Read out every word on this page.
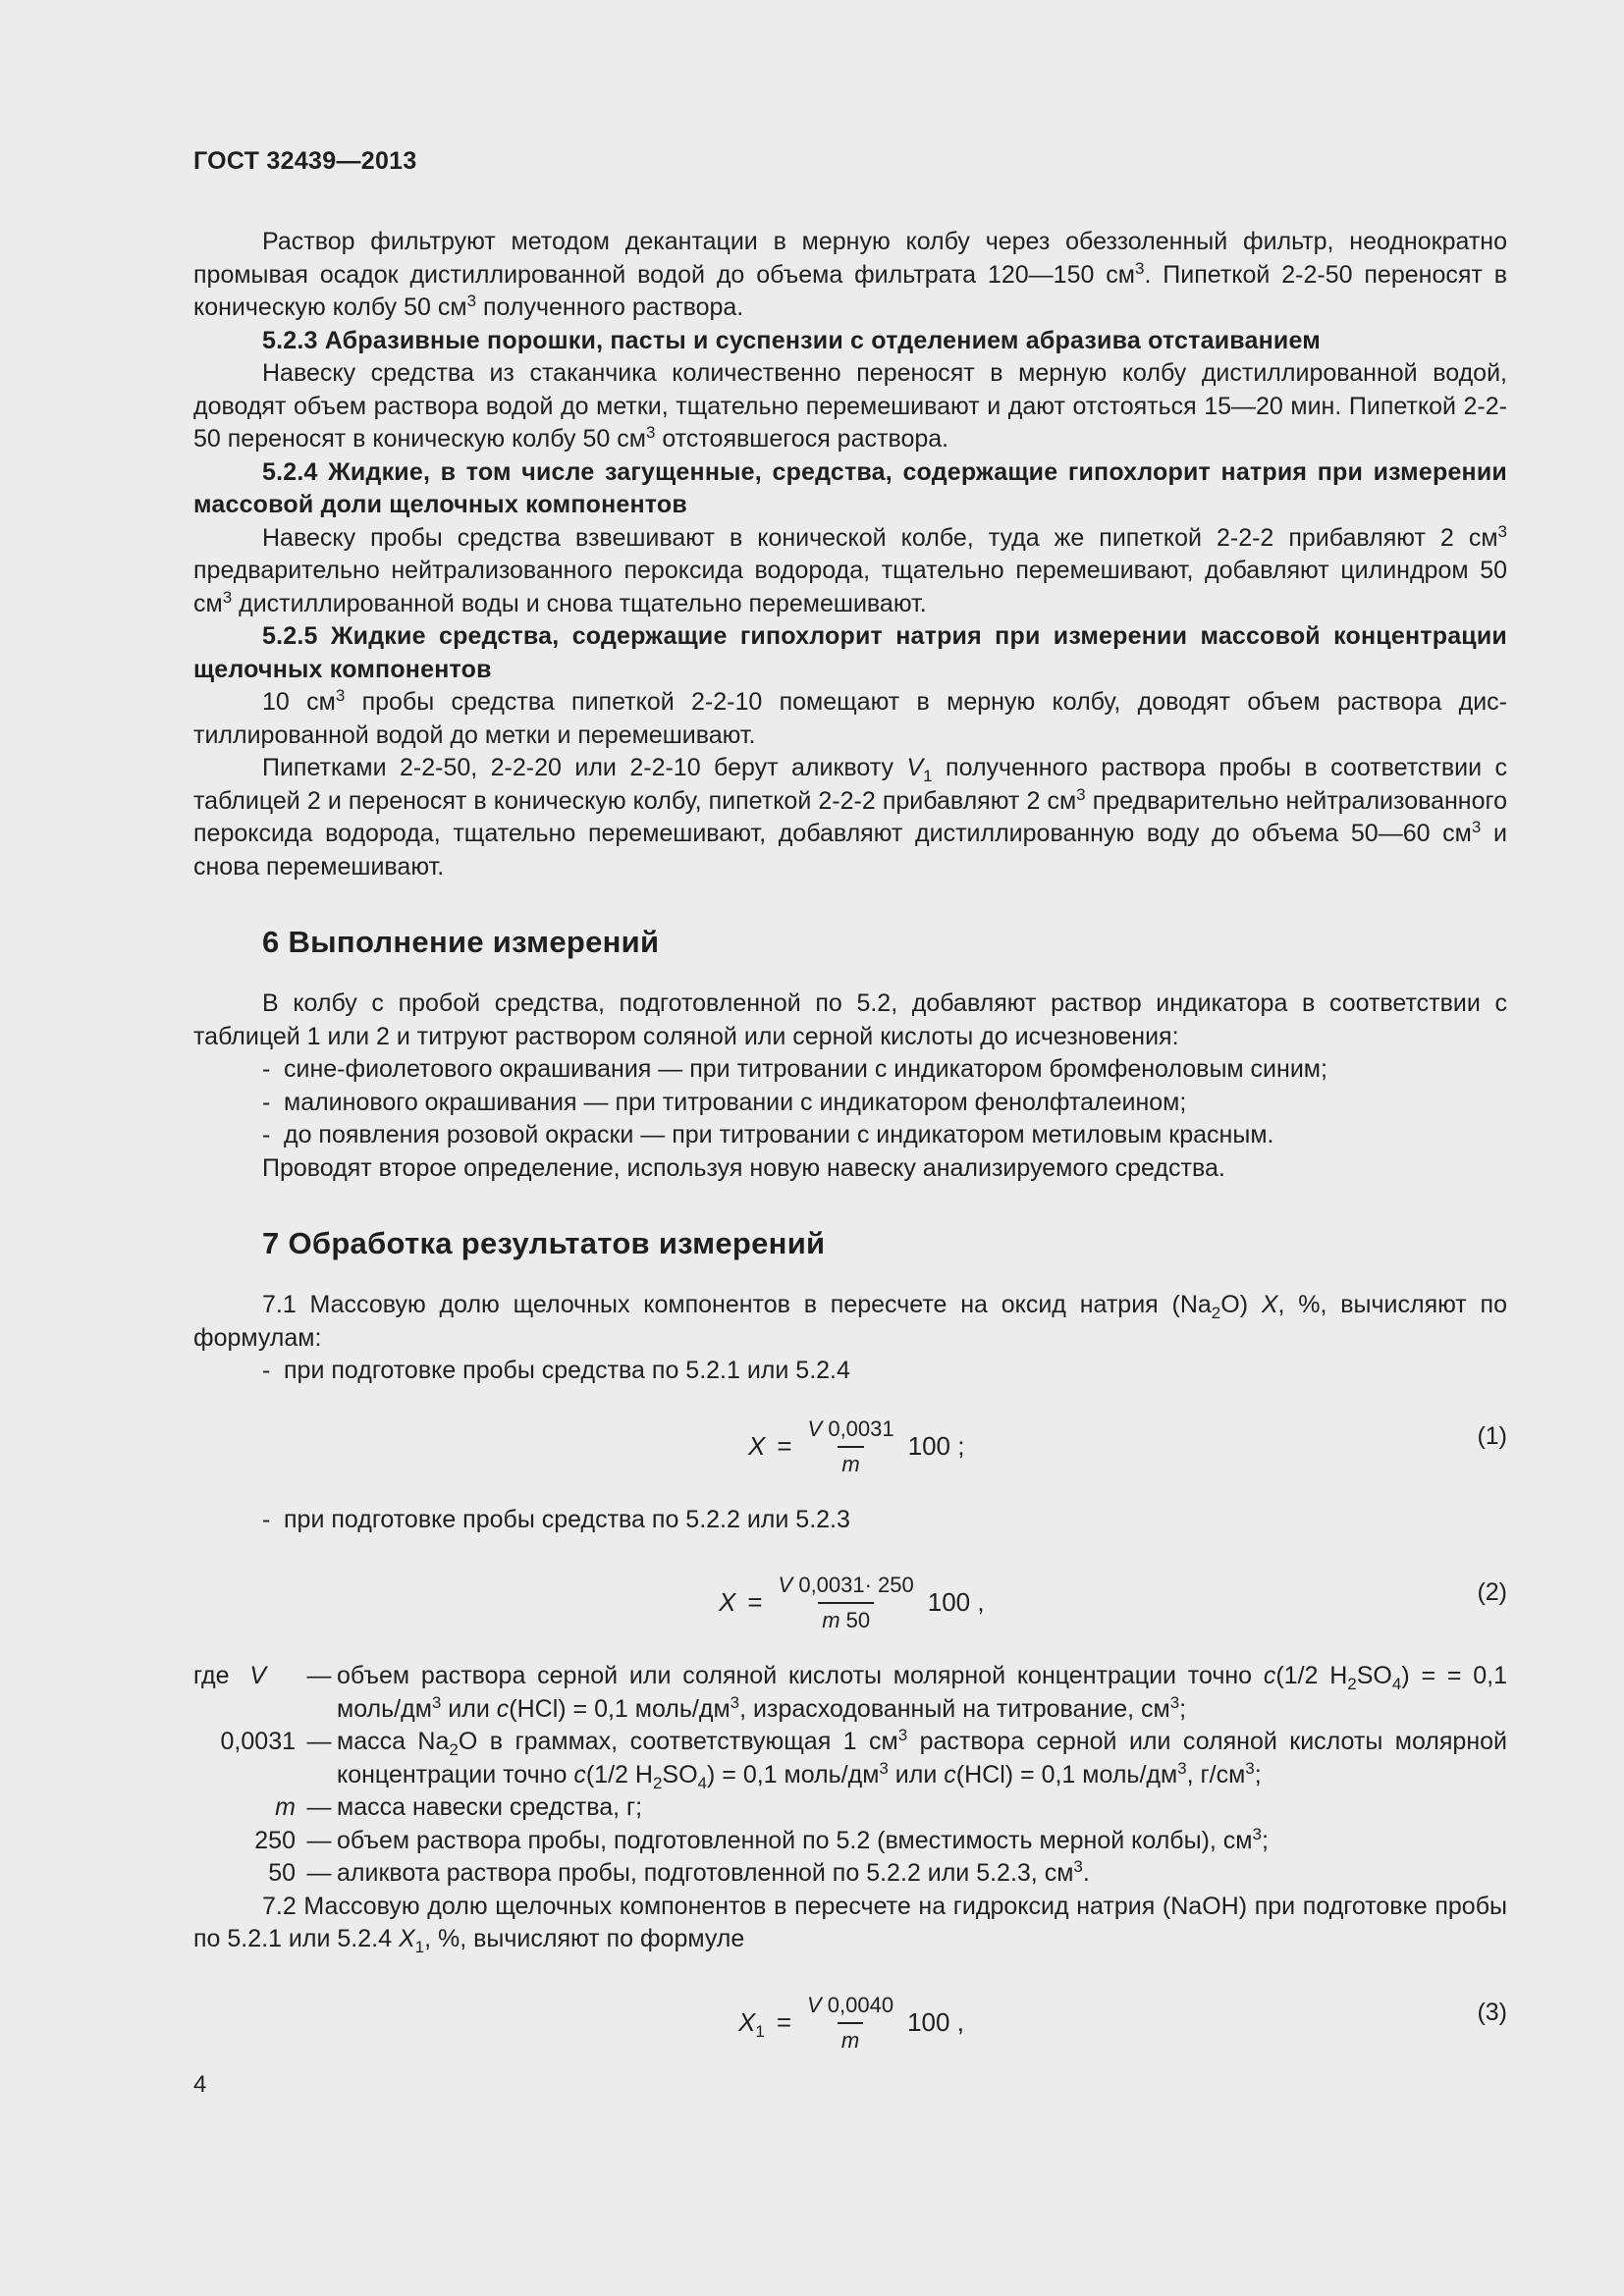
ГОСТ 32439—2013

Раствор фильтруют методом декантации в мерную колбу через обеззоленный фильтр, неоднократно промывая осадок дистиллированной водой до объема фильтрата 120—150 $см^3$. Пипеткой 2-2-50 переносят в коническую колбу 50 $см^3$ полученного раствора.

5.2.3 Абразивные порошки, пасты и суспензии с отделением абразива отстаиванием

Навеску средства из стаканчика количественно переносят в мерную колбу дистиллированной водой, доводят объем раствора водой до метки, тщательно перемешивают и дают отстояться 15—20 мин. Пипеткой 2-2-50 переносят в коническую колбу 50 $см^3$ отстоявшегося раствора.

5.2.4 Жидкие, в том числе загущенные, средства, содержащие гипохлорит натрия при измерении массовой доли щелочных компонентов

Навеску пробы средства взвешивают в конической колбе, туда же пипеткой 2-2-2 прибавляют 2 $см^3$ предварительно нейтрализованного пероксида водорода, тщательно перемешивают, добавляют цилиндром 50 $см^3$ дистиллированной воды и снова тщательно перемешивают.

5.2.5 Жидкие средства, содержащие гипохлорит натрия при измерении массовой концентрации щелочных компонентов

10 $см^3$ пробы средства пипеткой 2-2-10 помещают в мерную колбу, доводят объем раствора дистиллированной водой до метки и перемешивают.

Пипетками 2-2-50, 2-2-20 или 2-2-10 берут аликвоту $V_1$ полученного раствора пробы в соответствии с таблицей 2 и переносят в коническую колбу, пипеткой 2-2-2 прибавляют 2 $см^3$ предварительно нейтрализованного пероксида водорода, тщательно перемешивают, добавляют дистиллированную воду до объема 50—60 $см^3$ и снова перемешивают.

6 Выполнение измерений

В колбу с пробой средства, подготовленной по 5.2, добавляют раствор индикатора в соответствии с таблицей 1 или 2 и титруют раствором соляной или серной кислоты до исчезновения:

- сине-фиолетового окрашивания — при титровании с индикатором бромфеноловым синим;

- малинового окрашивания — при титровании с индикатором фенолфталеином;

- до появления розовой окраски — при титровании с индикатором метиловым красным.

Проводят второе определение, используя новую навеску анализируемого средства.

7 Обработка результатов измерений

7.1 Массовую долю щелочных компонентов в пересчете на оксид натрия $(Na_2O)$ X, %, вычисляют по формулам:

- при подготовке пробы средства по 5.2.1 или 5.2.4

$X = \frac{V 0,0031}{m} 100$ ;	(1)

- при подготовке пробы средства по 5.2.2 или 5.2.3

$X = \frac{V 0,0031\cdot 250}{m 50} 100$ ,	(2)
где V	— объем раствора серной или соляной кислоты молярной концентрации точно c(1/2 $H_2SO_4$) = = 0,1 моль/$дм^3$ или c(HCl) = 0,1 моль/$дм^3$, израсходованный на титрование, $см^3$;
0,0031 — масса $Na_2O$ в граммах, соответствующая 1 $см^3$ раствора серной или соляной кислоты молярной концентрации точно c(1/2 $H_2SO_4) = 0,1$ моль/$дм^3$ или c(HCl) = 0,1 моль/$дм^3$, $г/см^3$;
m — масса навески средства, г;
250 — объем раствора пробы, подготовленной по 5.2 (вместимость мерной колбы), $см^3$;
50 — аликвота раствора пробы, подготовленной по 5.2.2 или 5.2.3, $см^3$.

7.2 Массовую долю щелочных компонентов в пересчете на гидроксид натрия (NaOH) при подготовке пробы по 5.2.1 или 5.2.4 $X_1$, %, вычисляют по формуле

$X_1 = \frac{V 0,0040}{m} 100$ ,	(3)
4
